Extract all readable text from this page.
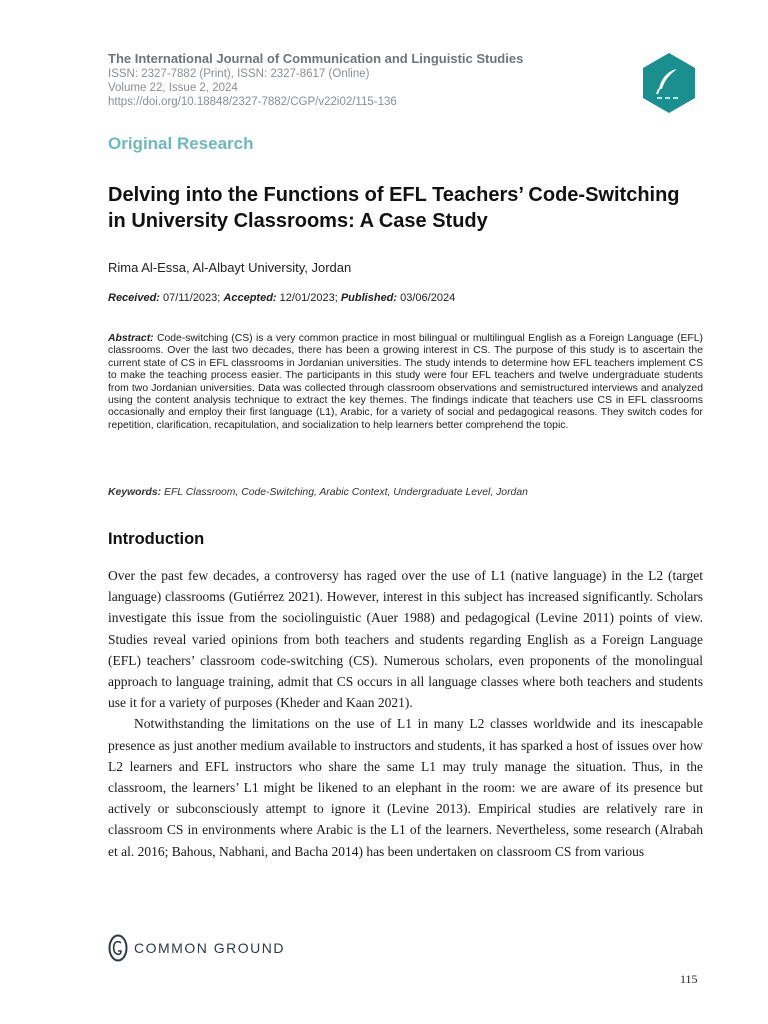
The International Journal of Communication and Linguistic Studies
ISSN: 2327-7882 (Print), ISSN: 2327-8617 (Online)
Volume 22, Issue 2, 2024
https://doi.org/10.18848/2327-7882/CGP/v22i02/115-136
Original Research
Delving into the Functions of EFL Teachers’ Code-Switching in University Classrooms: A Case Study
Rima Al-Essa, Al-Albayt University, Jordan
Received: 07/11/2023; Accepted: 12/01/2023; Published: 03/06/2024
Abstract: Code-switching (CS) is a very common practice in most bilingual or multilingual English as a Foreign Language (EFL) classrooms. Over the last two decades, there has been a growing interest in CS. The purpose of this study is to ascertain the current state of CS in EFL classrooms in Jordanian universities. The study intends to determine how EFL teachers implement CS to make the teaching process easier. The participants in this study were four EFL teachers and twelve undergraduate students from two Jordanian universities. Data was collected through classroom observations and semistructured interviews and analyzed using the content analysis technique to extract the key themes. The findings indicate that teachers use CS in EFL classrooms occasionally and employ their first language (L1), Arabic, for a variety of social and pedagogical reasons. They switch codes for repetition, clarification, recapitulation, and socialization to help learners better comprehend the topic.
Keywords: EFL Classroom, Code-Switching, Arabic Context, Undergraduate Level, Jordan
Introduction

Over the past few decades, a controversy has raged over the use of L1 (native language) in the L2 (target language) classrooms (Gutiérrez 2021). However, interest in this subject has increased significantly. Scholars investigate this issue from the sociolinguistic (Auer 1988) and pedagogical (Levine 2011) points of view. Studies reveal varied opinions from both teachers and students regarding English as a Foreign Language (EFL) teachers’ classroom code-switching (CS). Numerous scholars, even proponents of the monolingual approach to language training, admit that CS occurs in all language classes where both teachers and students use it for a variety of purposes (Kheder and Kaan 2021).

Notwithstanding the limitations on the use of L1 in many L2 classes worldwide and its inescapable presence as just another medium available to instructors and students, it has sparked a host of issues over how L2 learners and EFL instructors who share the same L1 may truly manage the situation. Thus, in the classroom, the learners’ L1 might be likened to an elephant in the room: we are aware of its presence but actively or subconsciously attempt to ignore it (Levine 2013). Empirical studies are relatively rare in classroom CS in environments where Arabic is the L1 of the learners. Nevertheless, some research (Alrabah et al. 2016; Bahous, Nabhani, and Bacha 2014) has been undertaken on classroom CS from various

COMMON GROUND
115
